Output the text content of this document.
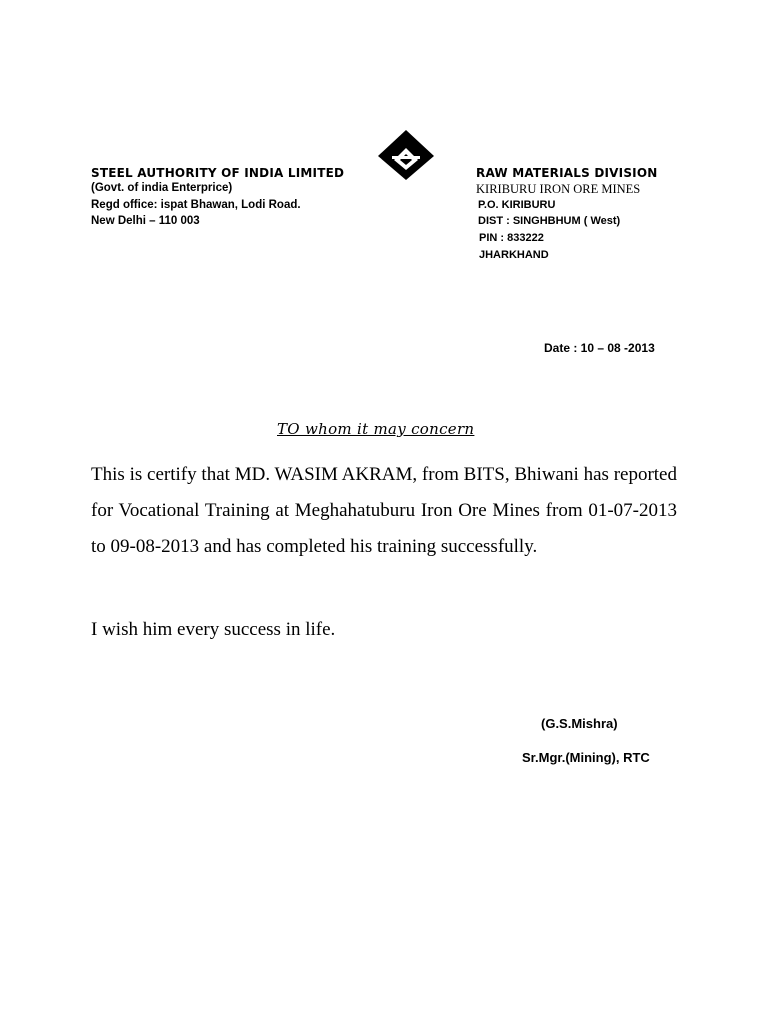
STEEL AUTHORITY OF INDIA LIMITED
(Govt. of india Enterprice)
Regd office: ispat Bhawan, Lodi Road.
New Delhi – 110 003
RAW MATERIALS DIVISION
KIRIBURU IRON ORE MINES
P.O. KIRIBURU
DIST : SINGHBHUM ( West)
PIN : 833222
JHARKHAND
Date : 10 – 08 -2013
TO whom it may concern
This is certify that MD. WASIM AKRAM, from BITS, Bhiwani has reported for Vocational Training at Meghahatuburu Iron Ore Mines from 01-07-2013 to 09-08-2013 and has completed his training successfully.
I wish him every success in life.
(G.S.Mishra)
Sr.Mgr.(Mining), RTC
